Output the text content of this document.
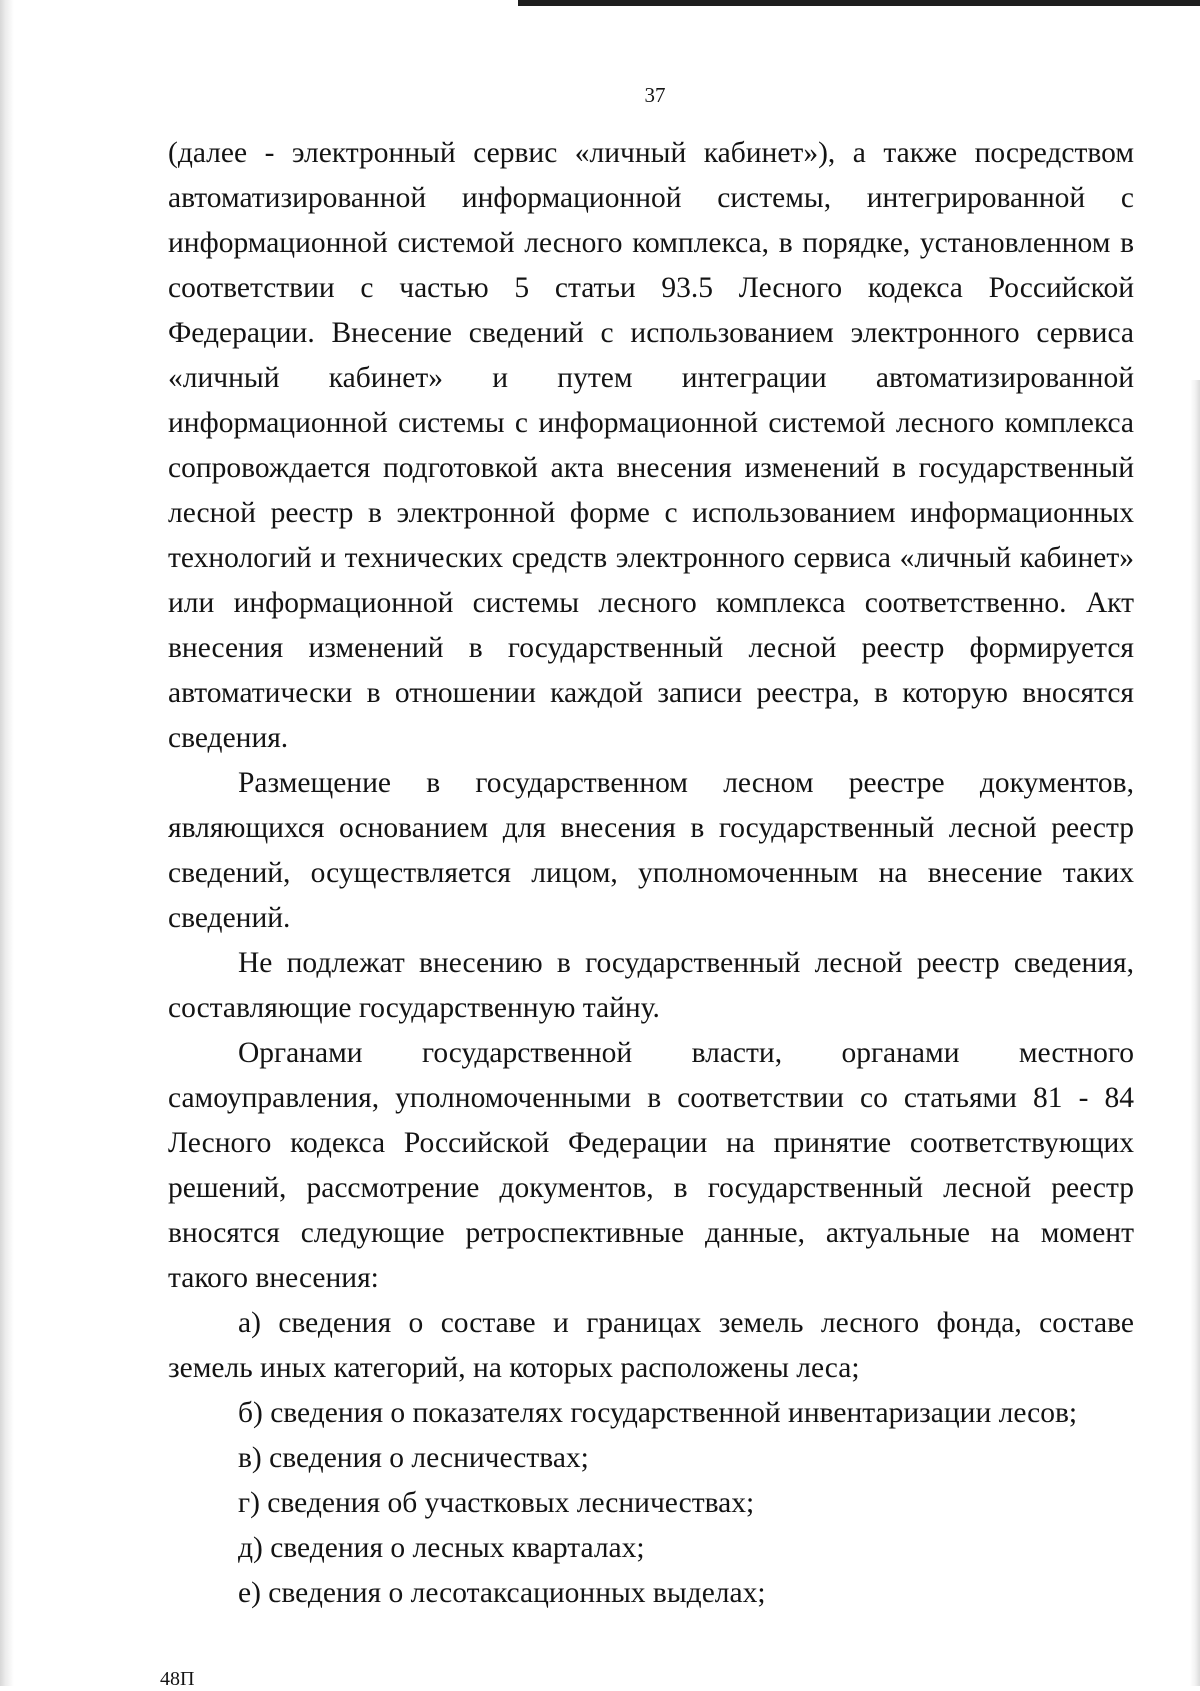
37

(далее - электронный сервис «личный кабинет»), а также посредством автоматизированной информационной системы, интегрированной с информационной системой лесного комплекса, в порядке, установленном в соответствии с частью 5 статьи 93.5 Лесного кодекса Российской Федерации. Внесение сведений с использованием электронного сервиса «личный кабинет» и путем интеграции автоматизированной информационной системы с информационной системой лесного комплекса сопровождается подготовкой акта внесения изменений в государственный лесной реестр в электронной форме с использованием информационных технологий и технических средств электронного сервиса «личный кабинет» или информационной системы лесного комплекса соответственно. Акт внесения изменений в государственный лесной реестр формируется автоматически в отношении каждой записи реестра, в которую вносятся сведения.

Размещение в государственном лесном реестре документов, являющихся основанием для внесения в государственный лесной реестр сведений, осуществляется лицом, уполномоченным на внесение таких сведений.

Не подлежат внесению в государственный лесной реестр сведения, составляющие государственную тайну.

Органами государственной власти, органами местного самоуправления, уполномоченными в соответствии со статьями 81 - 84 Лесного кодекса Российской Федерации на принятие соответствующих решений, рассмотрение документов, в государственный лесной реестр вносятся следующие ретроспективные данные, актуальные на момент такого внесения:

а) сведения о составе и границах земель лесного фонда, составе земель иных категорий, на которых расположены леса;

б) сведения о показателях государственной инвентаризации лесов;

в) сведения о лесничествах;

г) сведения об участковых лесничествах;

д) сведения о лесных кварталах;

е) сведения о лесотаксационных выделах;

48П
